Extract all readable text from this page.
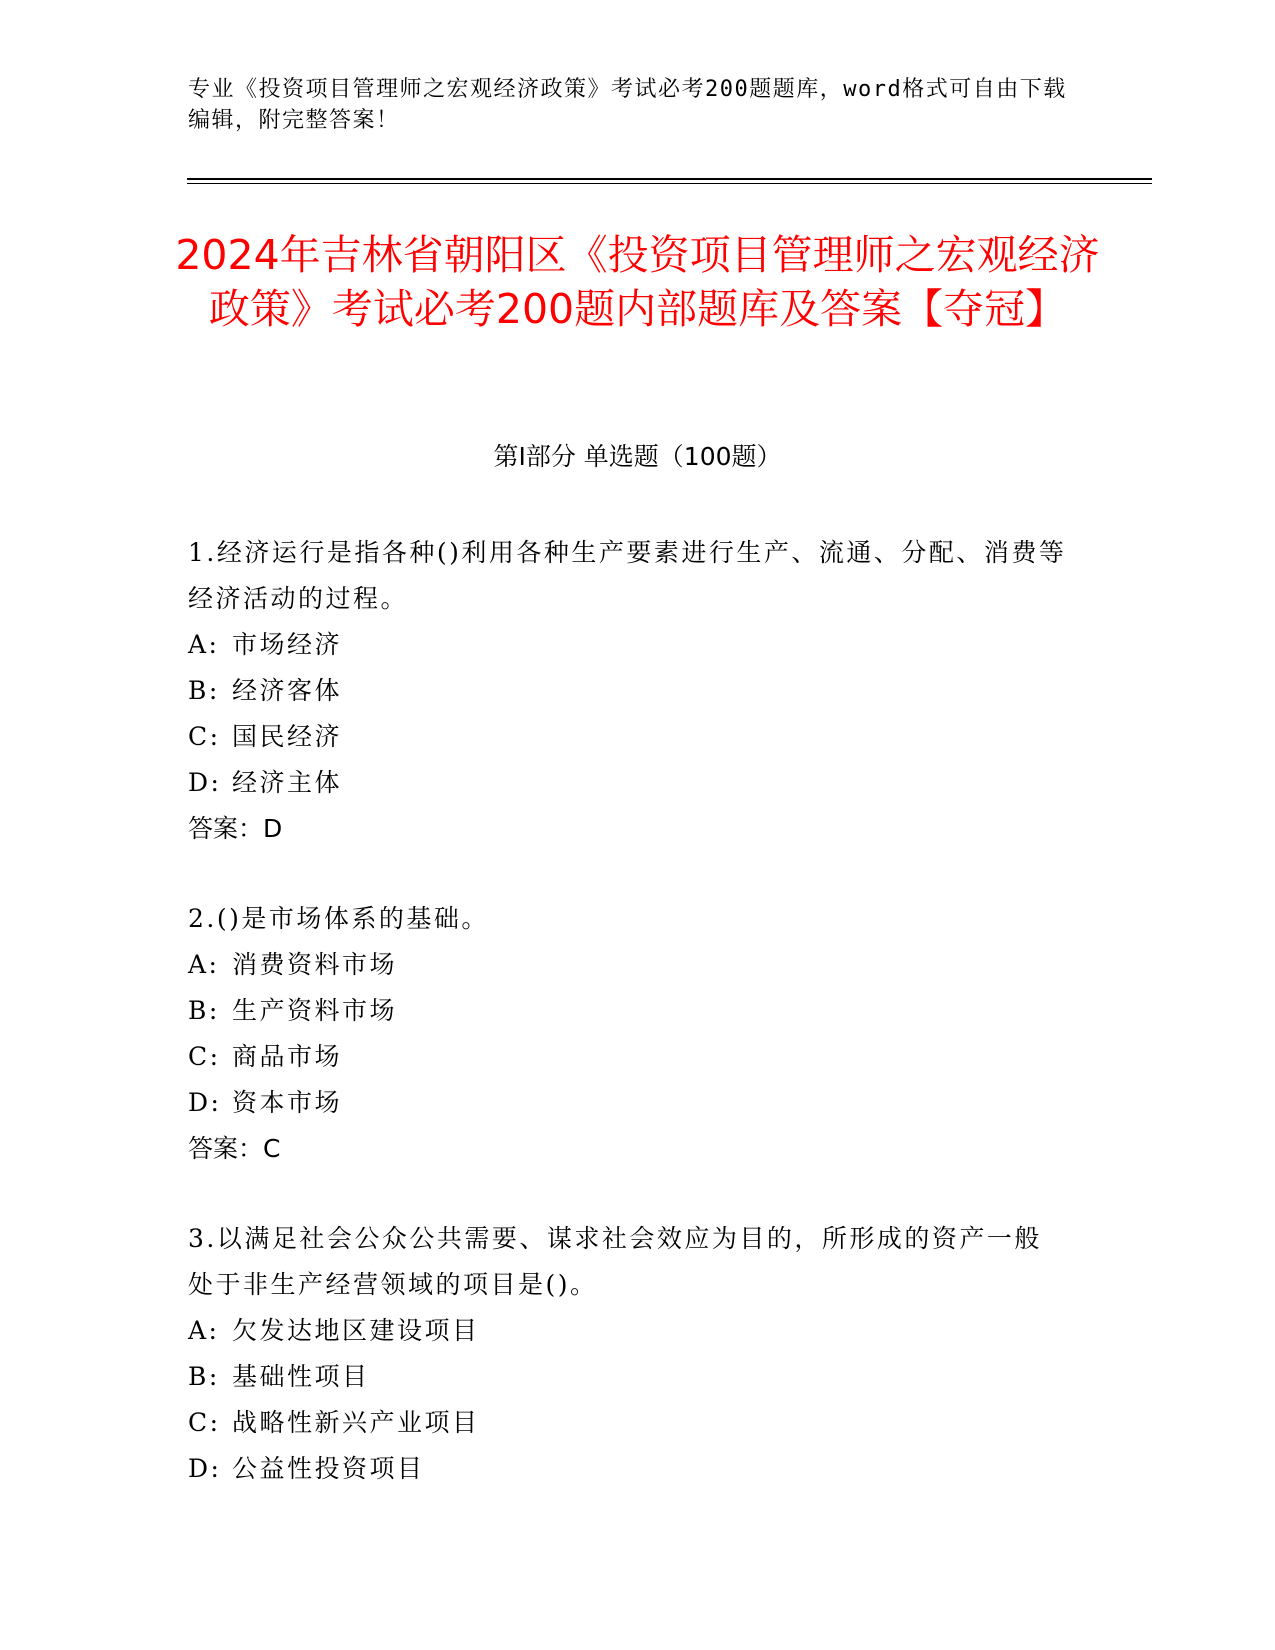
专业《投资项目管理师之宏观经济政策》考试必考200题题库，word格式可自由下载编辑，附完整答案！
2024年吉林省朝阳区《投资项目管理师之宏观经济政策》考试必考200题内部题库及答案【夺冠】
第I部分 单选题（100题）

1.经济运行是指各种()利用各种生产要素进行生产、流通、分配、消费等经济活动的过程。

A: 市场经济

B: 经济客体

C: 国民经济

D: 经济主体

答案：D

2.()是市场体系的基础。

A: 消费资料市场

B: 生产资料市场

C: 商品市场

D: 资本市场

答案：C

3.以满足社会公众公共需要、谋求社会效应为目的，所形成的资产一般处于非生产经营领域的项目是()。

A: 欠发达地区建设项目

B: 基础性项目

C: 战略性新兴产业项目

D: 公益性投资项目
